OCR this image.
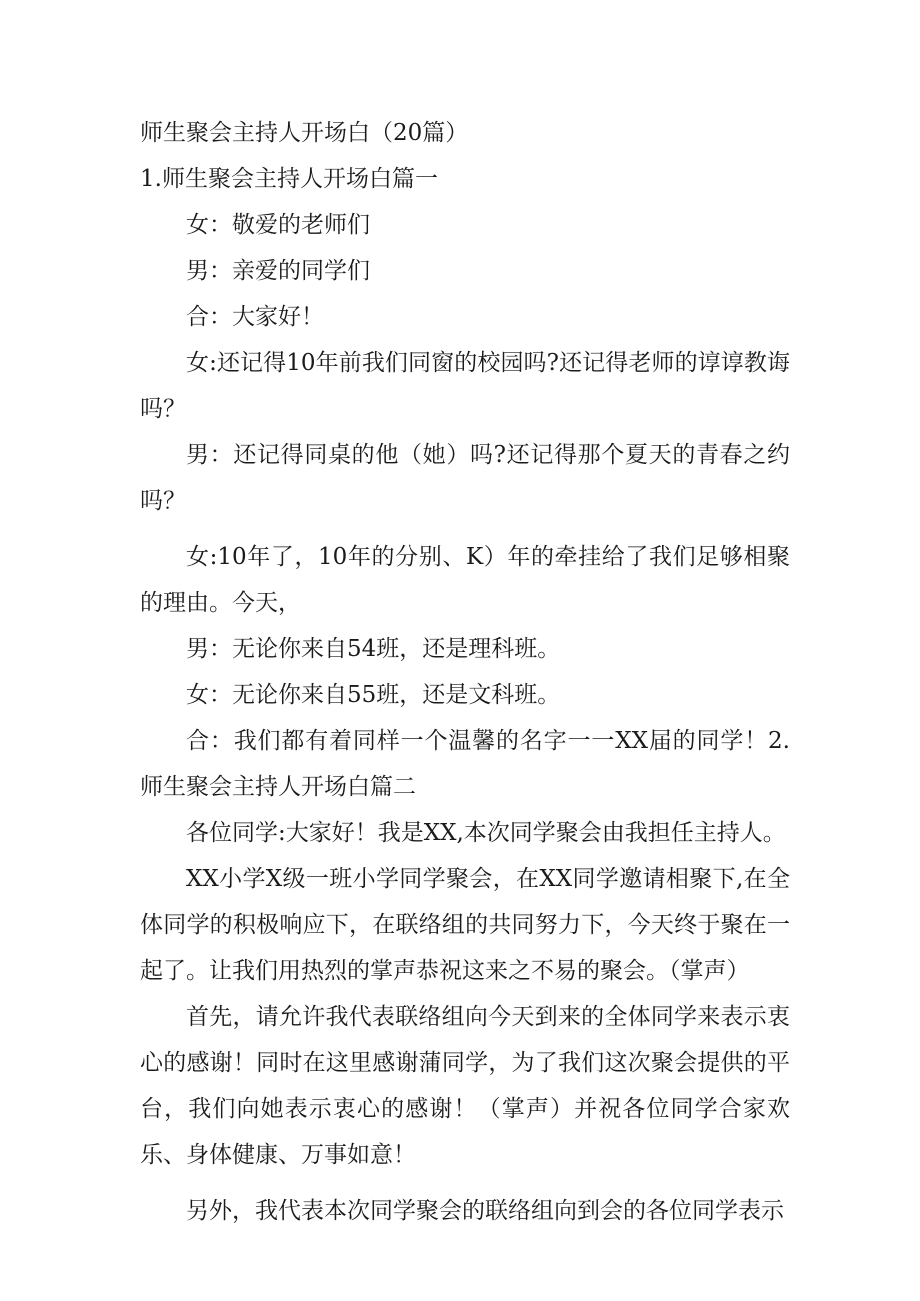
师生聚会主持人开场白（20篇）

1.师生聚会主持人开场白篇一

女：敬爱的老师们

男：亲爱的同学们

合：大家好！

女:还记得10年前我们同窗的校园吗?还记得老师的谆谆教诲吗？

男：还记得同桌的他（她）吗?还记得那个夏天的青春之约吗？

女:10年了，10年的分别、K）年的牵挂给了我们足够相聚的理由。今天，

男：无论你来自54班，还是理科班。

女：无论你来自55班，还是文科班。

合：我们都有着同样一个温馨的名字一一XX届的同学！2.师生聚会主持人开场白篇二

各位同学:大家好！我是XX,本次同学聚会由我担任主持人。

XX小学X级一班小学同学聚会，在XX同学邀请相聚下,在全体同学的积极响应下，在联络组的共同努力下，今天终于聚在一起了。让我们用热烈的掌声恭祝这来之不易的聚会。（掌声）

首先，请允许我代表联络组向今天到来的全体同学来表示衷心的感谢！同时在这里感谢蒲同学，为了我们这次聚会提供的平台，我们向她表示衷心的感谢！（掌声）并祝各位同学合家欢乐、身体健康、万事如意！

另外，我代表本次同学聚会的联络组向到会的各位同学表示
